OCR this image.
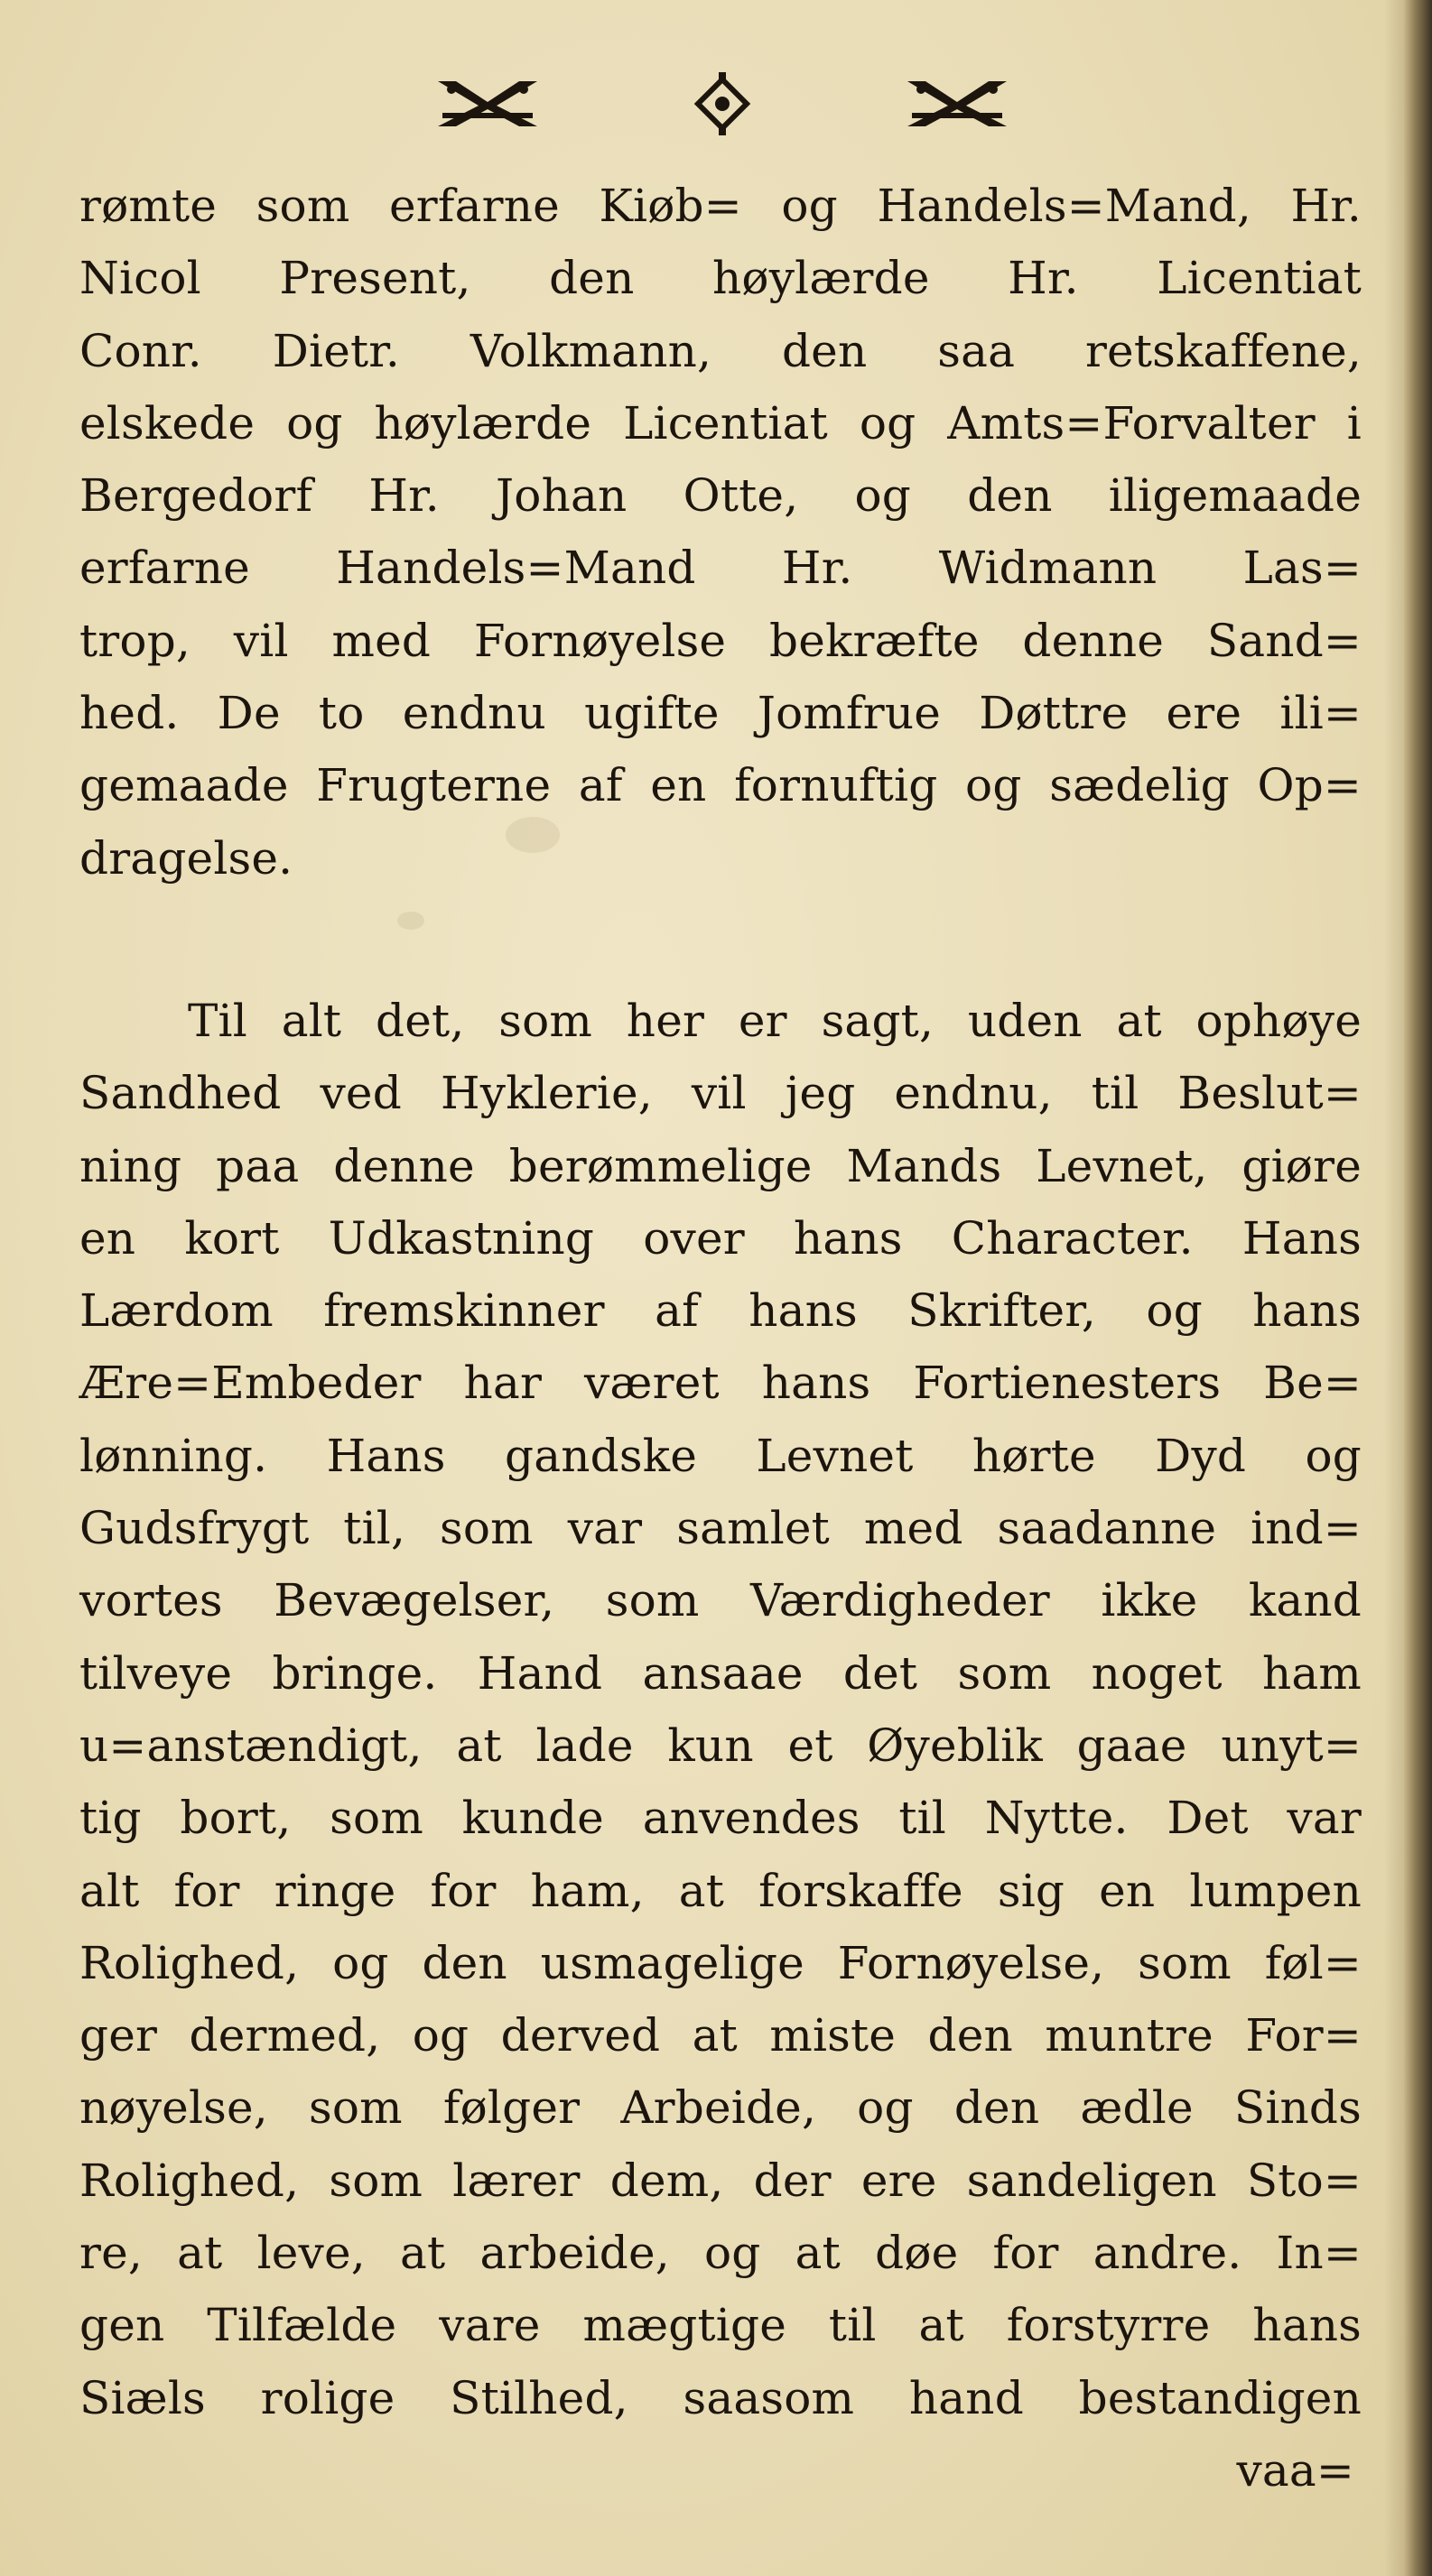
rømte som erfarne Kiøb= og Handels=Mand, Hr.
Nicol Present, den høylærde Hr. Licentiat
Conr. Dietr. Volkmann, den saa retskaffene,
elskede og høylærde Licentiat og Amts=Forvalter i
Bergedorf Hr. Johan Otte, og den iligemaade
erfarne Handels=Mand Hr. Widmann Las=
trop, vil med Fornøyelse bekræfte denne Sand=
hed. De to endnu ugifte Jomfrue Døttre ere ili=
gemaade Frugterne af en fornuftig og sædelig Op=
dragelse.
Til alt det, som her er sagt, uden at ophøye
Sandhed ved Hyklerie, vil jeg endnu, til Beslut=
ning paa denne berømmelige Mands Levnet, giøre
en kort Udkastning over hans Character. Hans
Lærdom fremskinner af hans Skrifter, og hans
Ære=Embeder har været hans Fortienesters Be=
lønning. Hans gandske Levnet hørte Dyd og
Gudsfrygt til, som var samlet med saadanne ind=
vortes Bevægelser, som Værdigheder ikke kand
tilveye bringe. Hand ansaae det som noget ham
u=anstændigt, at lade kun et Øyeblik gaae unyt=
tig bort, som kunde anvendes til Nytte. Det var
alt for ringe for ham, at forskaffe sig en lumpen
Rolighed, og den usmagelige Fornøyelse, som føl=
ger dermed, og derved at miste den muntre For=
nøyelse, som følger Arbeide, og den ædle Sinds
Rolighed, som lærer dem, der ere sandeligen Sto=
re, at leve, at arbeide, og at døe for andre. In=
gen Tilfælde vare mægtige til at forstyrre hans
Siæls rolige Stilhed, saasom hand bestandigen
vaa=
